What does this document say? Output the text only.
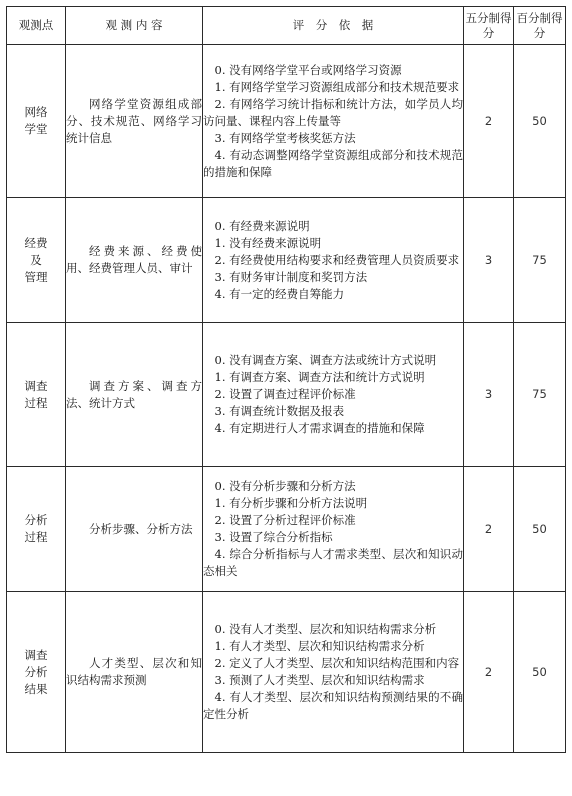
观测点	观 测 内 容	评　分　依　据	五分制得分	百分制得分

网络
学堂	网络学堂资源组成部分、技术规范、网络学习统计信息	0. 没有网络学堂平台或网络学习资源
1. 有网络学堂学习资源组成部分和技术规范要求
2. 有网络学习统计指标和统计方法，如学员人均访问量、课程内容上传量等
3. 有网络学堂考核奖惩方法
4. 有动态调整网络学堂资源组成部分和技术规范的措施和保障	2	50

经费
及
管理	经费来源、经费使用、经费管理人员、审计	0. 有经费来源说明
1. 没有经费来源说明
2. 有经费使用结构要求和经费管理人员资质要求
3. 有财务审计制度和奖罚方法
4. 有一定的经费自筹能力	3	75

调查
过程	调查方案、调查方法、统计方式	0. 没有调查方案、调查方法或统计方式说明
1. 有调查方案、调查方法和统计方式说明
2. 设置了调查过程评价标准
3. 有调查统计数据及报表
4. 有定期进行人才需求调查的措施和保障	3	75

分析
过程	分析步骤、分析方法	0. 没有分析步骤和分析方法
1. 有分析步骤和分析方法说明
2. 设置了分析过程评价标准
3. 设置了综合分析指标
4. 综合分析指标与人才需求类型、层次和知识动态相关	2	50

调查
分析
结果	人才类型、层次和知识结构需求预测	0. 没有人才类型、层次和知识结构需求分析
1. 有人才类型、层次和知识结构需求分析
2. 定义了人才类型、层次和知识结构范围和内容
3. 预测了人才类型、层次和知识结构需求
4. 有人才类型、层次和知识结构预测结果的不确定性分析	2	50
